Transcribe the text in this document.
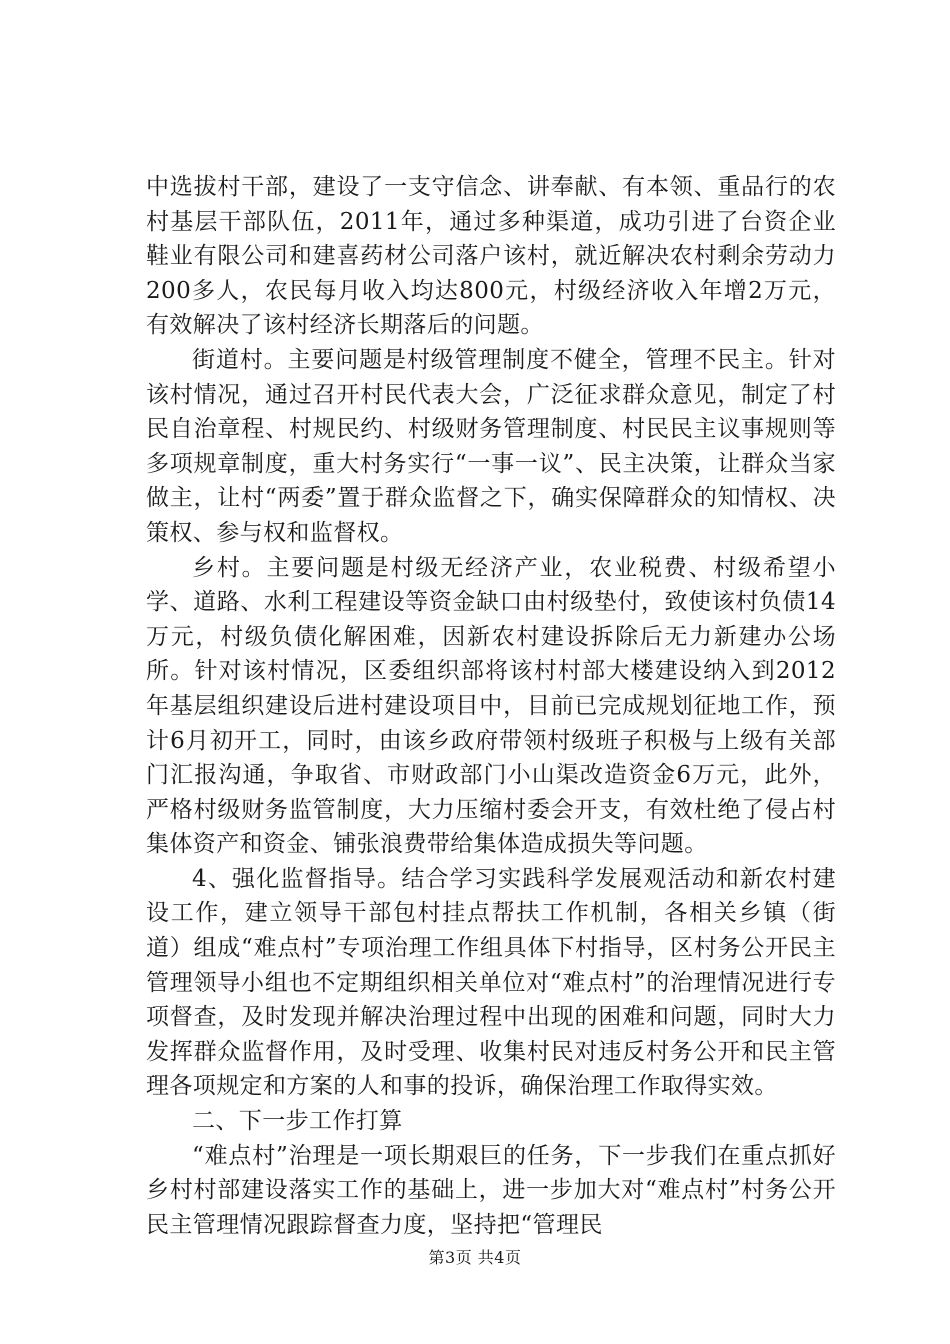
中选拔村干部，建设了一支守信念、讲奉献、有本领、重品行的农村基层干部队伍，2011年，通过多种渠道，成功引进了台资企业鞋业有限公司和建喜药材公司落户该村，就近解决农村剩余劳动力200多人，农民每月收入均达800元，村级经济收入年增2万元，有效解决了该村经济长期落后的问题。

街道村。主要问题是村级管理制度不健全，管理不民主。针对该村情况，通过召开村民代表大会，广泛征求群众意见，制定了村民自治章程、村规民约、村级财务管理制度、村民民主议事规则等多项规章制度，重大村务实行“一事一议”、民主决策，让群众当家做主，让村“两委”置于群众监督之下，确实保障群众的知情权、决策权、参与权和监督权。

乡村。主要问题是村级无经济产业，农业税费、村级希望小学、道路、水利工程建设等资金缺口由村级垫付，致使该村负债14万元，村级负债化解困难，因新农村建设拆除后无力新建办公场所。针对该村情况，区委组织部将该村村部大楼建设纳入到2012年基层组织建设后进村建设项目中，目前已完成规划征地工作，预计6月初开工，同时，由该乡政府带领村级班子积极与上级有关部门汇报沟通，争取省、市财政部门小山渠改造资金6万元，此外，严格村级财务监管制度，大力压缩村委会开支，有效杜绝了侵占村集体资产和资金、铺张浪费带给集体造成损失等问题。

4、强化监督指导。结合学习实践科学发展观活动和新农村建设工作，建立领导干部包村挂点帮扶工作机制，各相关乡镇（街道）组成“难点村”专项治理工作组具体下村指导，区村务公开民主管理领导小组也不定期组织相关单位对“难点村”的治理情况进行专项督查，及时发现并解决治理过程中出现的困难和问题，同时大力发挥群众监督作用，及时受理、收集村民对违反村务公开和民主管理各项规定和方案的人和事的投诉，确保治理工作取得实效。

二、下一步工作打算

“难点村”治理是一项长期艰巨的任务，下一步我们在重点抓好乡村村部建设落实工作的基础上，进一步加大对“难点村”村务公开民主管理情况跟踪督查力度，坚持把“管理民

第3页 共4页
